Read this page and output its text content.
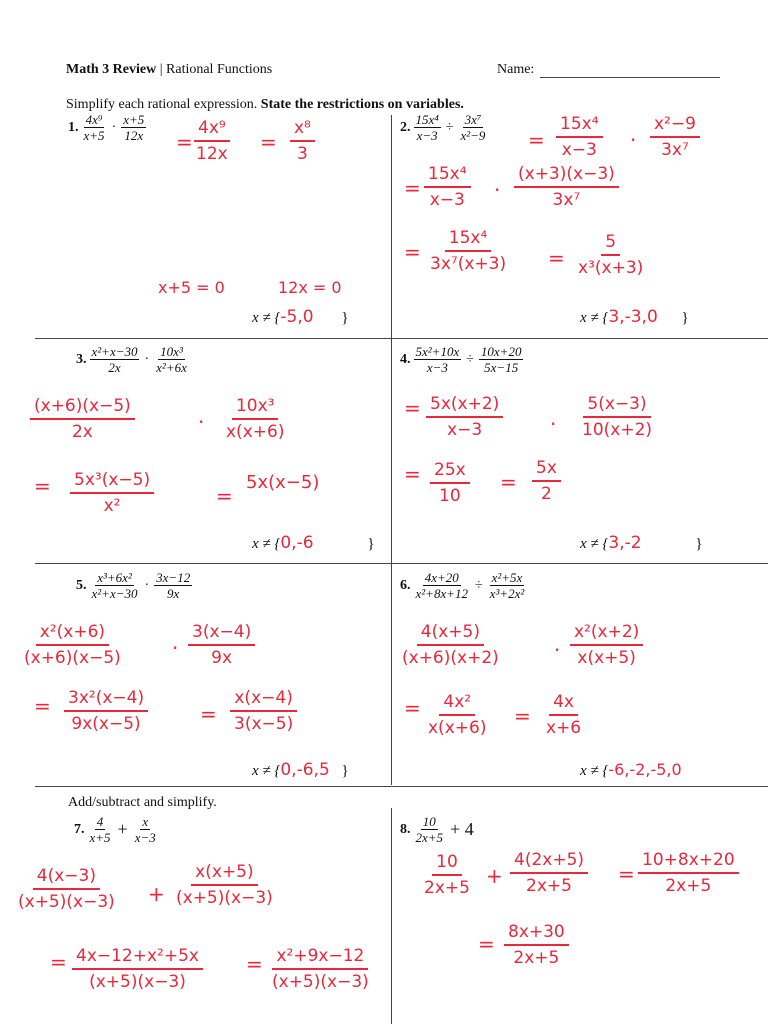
Math 3 Review | Rational Functions	Name:
Simplify each rational expression. State the restrictions on variables.
1. $\frac{\text{4x⁹}}{x+5} \cdot \frac{x+5}{12x}$	4x⁹
12x
=	=
x⁸
3
x+5 = 0	12x = 0
x ≠ {-5,0 }
2. $\frac{\text{15x⁴}}{x-3} \div \frac{\text{3x⁷}}{\text{x²−9}}$ =
15x⁴
x−3 ·
x²−9
3x⁷
=
15x⁴
x−3 ·
(x+3)(x−3)
3x⁷
=
15x⁴
3x⁷(x+3) =
5
x³(x+3)
x ≠ {3,-3,0 }
3. $\frac{\text{x²+x−30}}{2x} \cdot \frac{\text{10x³}}{\text{x²+6x}}$
(x+6)(x−5)
2x	·
10x³
x(x+6)
= 5x³(x−5)
x²	=
5x(x−5)
x ≠ {0,-6	}
4. $\frac{\text{5x²+10x}}{x-3} \div \frac{10x+20}{5x-15}$
= 5x(x+2)
x−3	·
5(x−3)
10(x+2)
= 25x
10
=
5x
2
x ≠ {3,-2	}
5. $\frac{\text{x³+6x²}}{\text{x²+x−30}} \cdot \frac{3x-12}{9x}$
x²(x+6)
(x+6)(x−5)	·
3(x−4)
9x
= 3x²(x−4)
9x(x−5)	=
x(x−4)
3(x−5)
x ≠ {0,-6,5 }
6. $\frac{4x+20}{\text{x²+8x+12}} \div \frac{\text{x²+5x}}{\text{x³+2x²}}$
4(x+5)
(x+6)(x+2)	·
x²(x+2)
x(x+5)
= 4x²
x(x+6) =
4x
x+6
x ≠ {-6,-2,-5,0
Add/subtract and simplify.
7. $\frac{4}{x+5} + \frac{x}{x-3}$
4(x−3)
(x+5)(x−3) +
x(x+5)
(x+5)(x−3)
= 4x−12+x²+5x
(x+5)(x−3)
= x²+9x−12
(x+5)(x−3)
8. $\frac{10}{2x+5} + 4$
10
2x+5 +
4(2x+5)
2x+5 =
10+8x+20
2x+5
= 8x+30
2x+5
